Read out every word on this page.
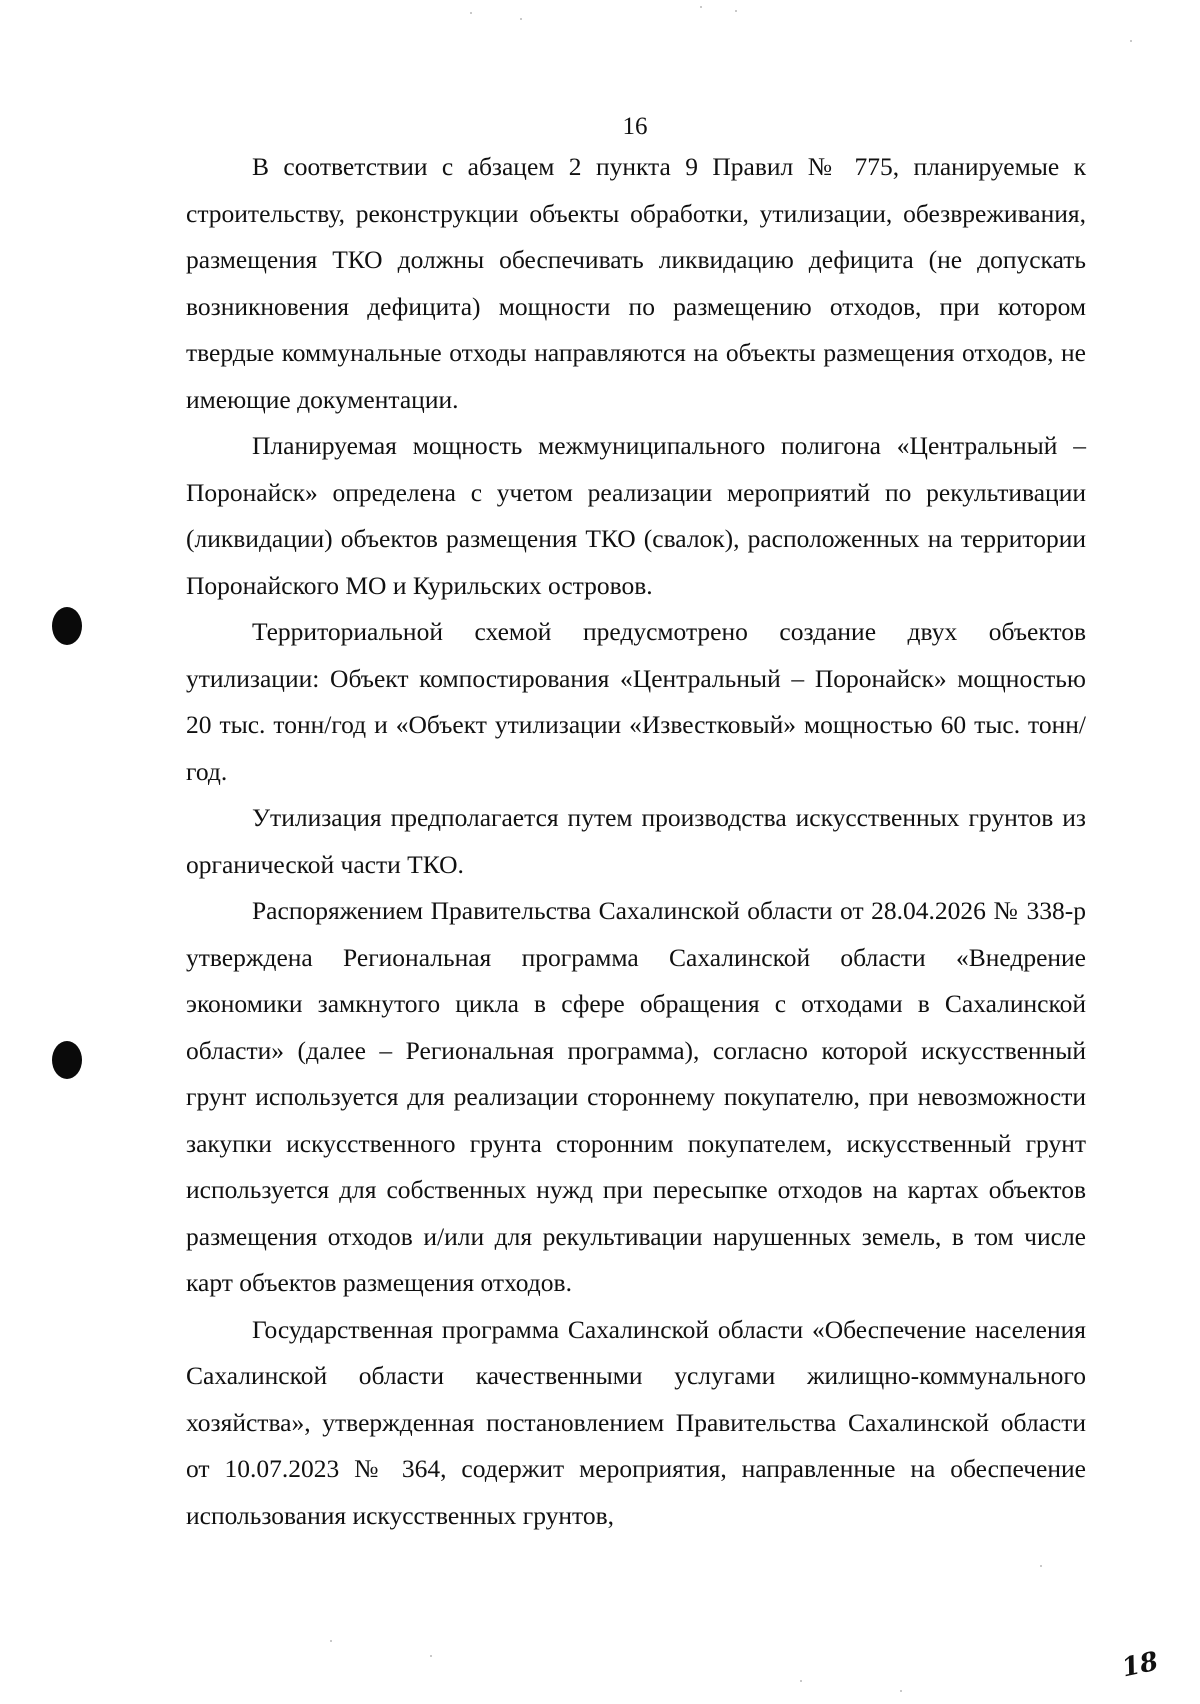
16

В соответствии с абзацем 2 пункта 9 Правил № 775, планируемые к строительству, реконструкции объекты обработки, утилизации, обезвреживания, размещения ТКО должны обеспечивать ликвидацию дефицита (не допускать возникновения дефицита) мощности по размещению отходов, при котором твердые коммунальные отходы направляются на объекты размещения отходов, не имеющие документации.

Планируемая мощность межмуниципального полигона «Центральный – Поронайск» определена с учетом реализации мероприятий по рекультивации (ликвидации) объектов размещения ТКО (свалок), расположенных на территории Поронайского МО и Курильских островов.

Территориальной схемой предусмотрено создание двух объектов утилизации: Объект компостирования «Центральный – Поронайск» мощностью 20 тыс. тонн/год и «Объект утилизации «Известковый» мощностью 60 тыс. тонн/год.

Утилизация предполагается путем производства искусственных грунтов из органической части ТКО.

Распоряжением Правительства Сахалинской области от 28.04.2026 № 338-р утверждена Региональная программа Сахалинской области «Внедрение экономики замкнутого цикла в сфере обращения с отходами в Сахалинской области» (далее – Региональная программа), согласно которой искусственный грунт используется для реализации стороннему покупателю, при невозможности закупки искусственного грунта сторонним покупателем, искусственный грунт используется для собственных нужд при пересыпке отходов на картах объектов размещения отходов и/или для рекультивации нарушенных земель, в том числе карт объектов размещения отходов.

Государственная программа Сахалинской области «Обеспечение населения Сахалинской области качественными услугами жилищно-коммунального хозяйства», утвержденная постановлением Правительства Сахалинской области от 10.07.2023 № 364, содержит мероприятия, направленные на обеспечение использования искусственных грунтов,

18
